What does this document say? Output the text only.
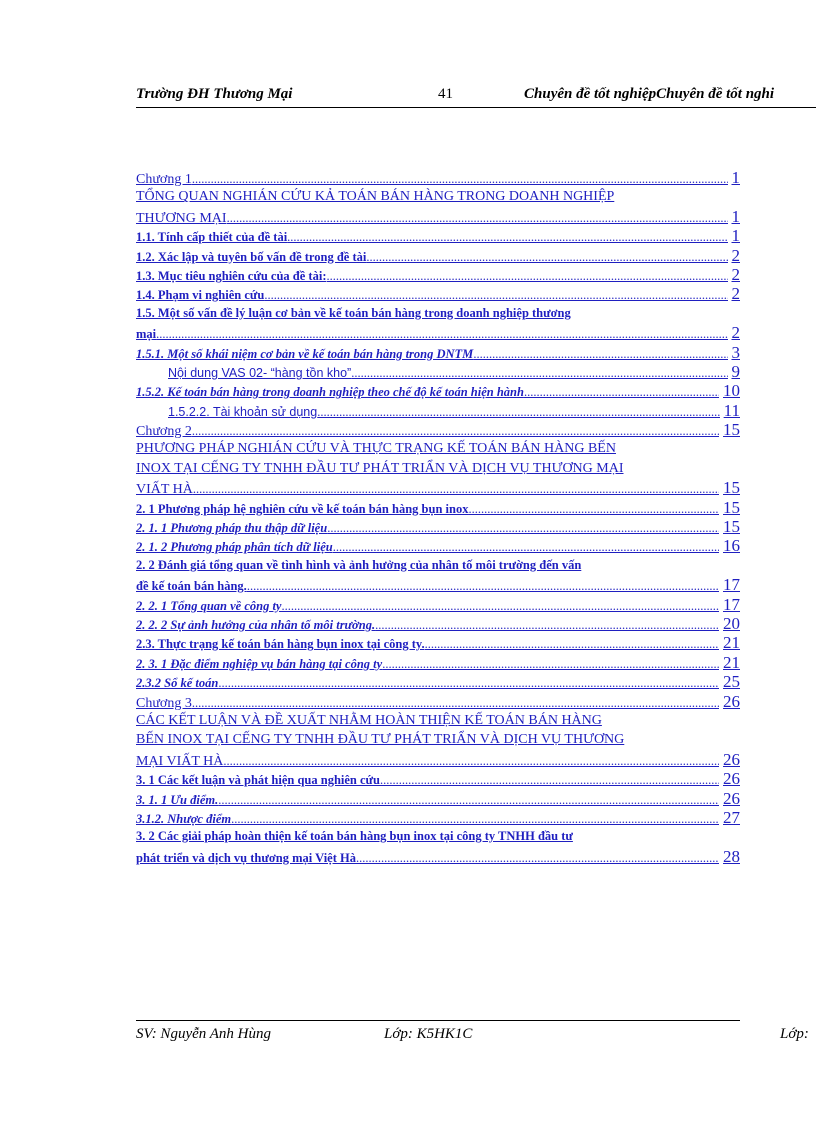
Trường ĐH Thương Mại	41	Chuyên đề tốt nghiệpChuyên đề tốt nghi
Chương 1 .....	1
TỔNG QUAN NGHIÁN CỨU KẢ TOÁN BÁN HÀNG TRONG DOANH NGHIỆP
THƯƠNG MẠI .....	1
1.1. Tính cấp thiết của đề tài .....	1
1.2. Xác lập và tuyên bố vấn đề trong đề tài .....	2
1.3. Mục tiêu nghiên cứu của đề tài: .....	2
1.4. Phạm vi nghiên cứu .....	2
1.5. Một số vấn đề lý luận cơ bản về kế toán bán hàng trong doanh nghiệp thương
mại .....	2
1.5.1. Một số khái niệm cơ bản về kế toán bán hàng trong DNTM .....	3
Nội dung VAS 02- “hàng tồn kho” .....	9
1.5.2. Kế toán bán hàng trong doanh nghiệp theo chế độ kế toán hiện hành .....	10
1.5.2.2. Tài khoản sử dụng .....	11
Chương 2 .....	15
PHƯƠNG PHÁP NGHIÁN CỨU VÀ THỰC TRẠNG KẾ TOÁN BÁN HÀNG BẾN
INOX TẠI CẾNG TY TNHH ĐẦU TƯ PHÁT TRIẨN VÀ DỊCH VỤ THƯƠNG MẠI
VIẤT HÀ .....	15
2. 1 Phương pháp hệ nghiên cứu về kế toán bán hàng bụn inox .....	15
2. 1. 1 Phương pháp thu thập dữ liệu .....	15
2. 1. 2 Phương pháp phân tích dữ liệu .....	16
2. 2 Đánh giá tổng quan về tình hình và ảnh hưởng của nhân tố môi trường đến vấn
đề kế toán bán hàng. .....	17
2. 2. 1 Tổng quan về công ty .....	17
2. 2. 2 Sự ảnh hưởng của nhân tố môi trường. .....	20
2.3. Thực trạng kế toán bán hàng bụn inox tại công ty. .....	21
2. 3. 1 Đặc điểm nghiệp vụ bán hàng tại công ty .....	21
2.3.2 Sổ kế toán .....	25
Chương 3 .....	26
CÁC KẾT LUẬN VÀ ĐỀ XUẤT NHẰM HOÀN THIỆN KẾ TOÁN BÁN HÀNG
BẾN INOX TẠI CẾNG TY TNHH ĐẦU TƯ PHÁT TRIẨN VÀ DỊCH VỤ THƯƠNG
MẠI VIẤT HÀ .....	26
3. 1 Các kết luận và phát hiện qua nghiên cứu .....	26
3. 1. 1 Ưu điểm. .....	26
3.1.2. Nhược điểm .....	27
3. 2 Các giải pháp hoàn thiện kế toán bán hàng bụn inox tại công ty TNHH đầu tư
phát triển và dịch vụ thương mại Việt Hà .....	28
SV: Nguyễn Anh Hùng	Lớp: K5HK1C	Lớp:
